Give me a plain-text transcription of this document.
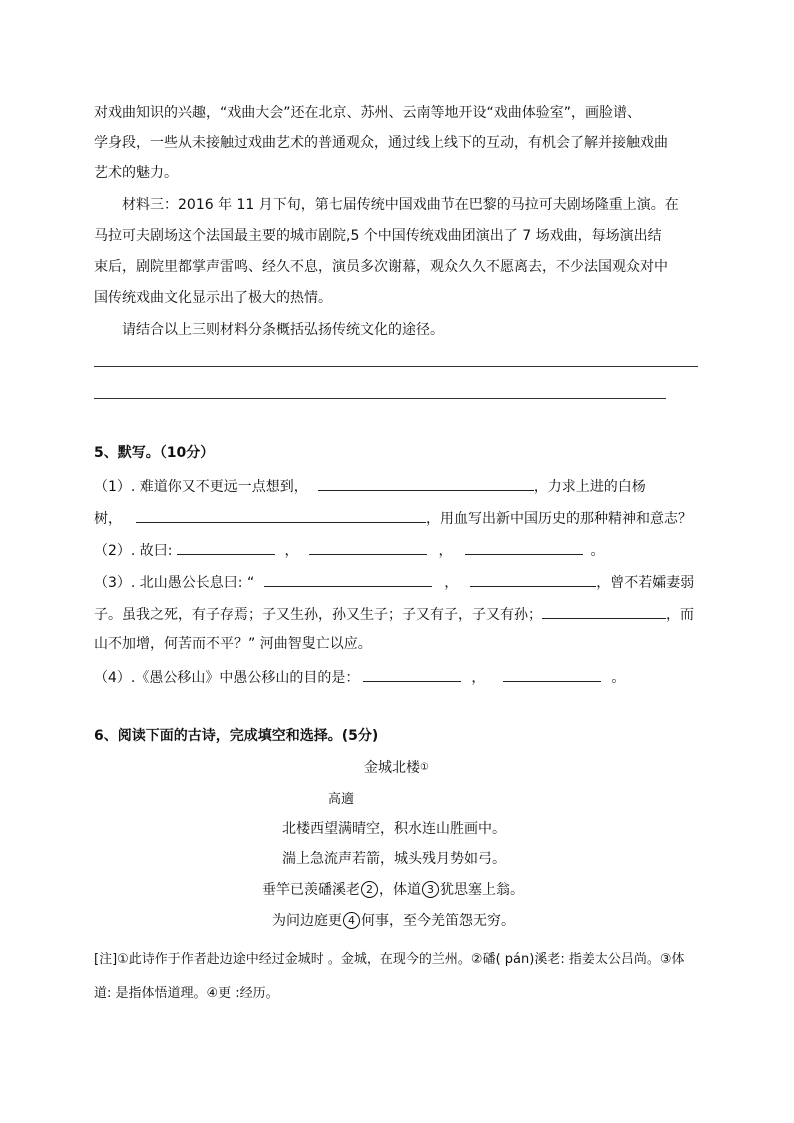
对戏曲知识的兴趣，“戏曲大会”还在北京、苏州、云南等地开设“戏曲体验室”，画脸谱、
学身段，一些从未接触过戏曲艺术的普通观众，通过线上线下的互动，有机会了解并接触戏曲
艺术的魅力。
材料三：2016 年 11 月下旬，第七届传统中国戏曲节在巴黎的马拉可夫剧场隆重上演。在
马拉可夫剧场这个法国最主要的城市剧院,5 个中国传统戏曲团演出了 7 场戏曲，每场演出结
束后，剧院里都掌声雷鸣、经久不息，演员多次谢幕，观众久久不愿离去，不少法国观众对中
国传统戏曲文化显示出了极大的热情。
请结合以上三则材料分条概括弘扬传统文化的途径。
5、默写。（10分）
（1）. 难道你又不更远一点想到，	，力求上进的白杨
树，	，用血写出新中国历史的那种精神和意志？
（2）. 故曰:	，	，	。
（3）. 北山愚公长息曰: “	，	，曾不若孀妻弱
子。虽我之死，有子存焉；子又生孙，孙又生子；子又有子，子又有孙；	，而
山不加增，何苦而不平？” 河曲智叟亡以应。
（4）.《愚公移山》中愚公移山的目的是：	，	。
6、阅读下面的古诗，完成填空和选择。(5分)
金城北楼①
高適
北楼西望满晴空，积水连山胜画中。
湍上急流声若箭，城头残月势如弓。
垂竿已羡磻溪老 2 ，体道 3 犹思塞上翁。
为问边庭更 4 何事，至今羌笛怨无穷。
[注]①此诗作于作者赴边途中经过金城时 。金城，在现今的兰州。②磻( pán)溪老: 指姜太公吕尚。③体
道: 是指体悟道理。④更 :经历。
